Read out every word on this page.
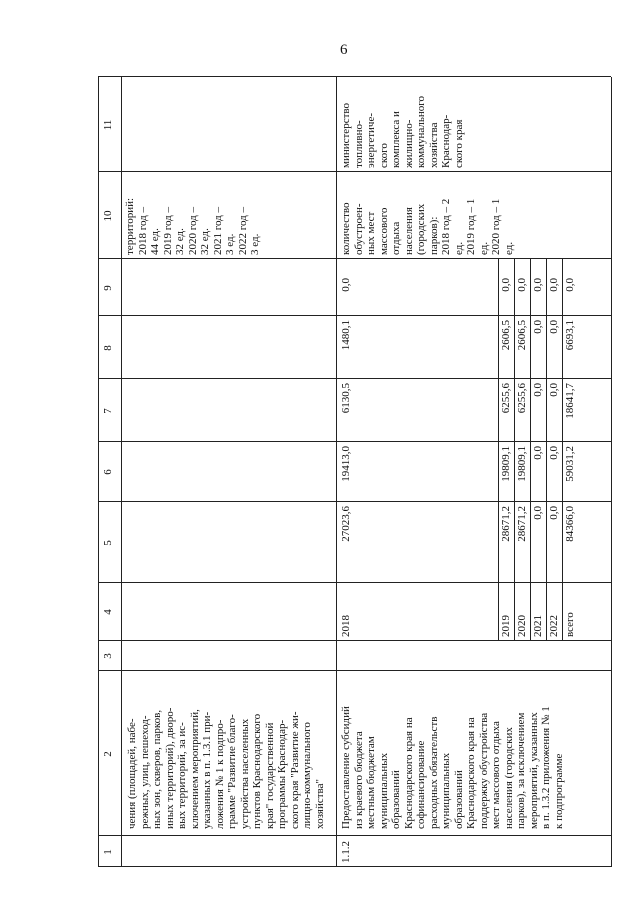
6
1
2
3
4
5
6
7
8
9
10
11
чения (площадей, набе- режных, улиц, пешеход- ных зон, скверов, парков, иных территорий), дворо- вых территорий, за ис- ключением мероприятий, указанных в п. 1.3.1 при- ложения № 1 к подпро- грамме "Развитие благо- устройства населенных пунктов Краснодарского края" государственной программы Краснодар- ского края "Развитие жи- лищно-коммунального хозяйства"
территорий: 2018 год – 44 ед. 2019 год – 32 ед. 2020 год – 32 ед. 2021 год – 3 ед. 2022 год – 3 ед.
1.1.2
Предоставление субсидий из краевого бюджета местным бюджетам муниципальных образований Краснодарского края на софинансирование расходных обязательств муниципальных образований Краснодарского края на поддержку обустройства мест массового отдыха населения (городских парков), за исключением мероприятий, указанных в п. 1.3.2 приложения № 1 к подпрограмме
количество обустроен- ных мест массового отдыха населения (городских парков): 2018 год – 2 ед. 2019 год – 1 ед. 2020 год – 1 ед.
министерство топливно- энергетиче- ского комплекса и жилищно- коммунального хозяйства Краснодар- ского края
2018
27023,6
19413,0
6130,5
1480,1
0,0
2019
28671,2
19809,1
6255,6
2606,5
0,0
2020
28671,2
19809,1
6255,6
2606,5
0,0
2021
0,0
0,0
0,0
0,0
0,0
2022
0,0
0,0
0,0
0,0
0,0
всего
84366,0
59031,2
18641,7
6693,1
0,0
